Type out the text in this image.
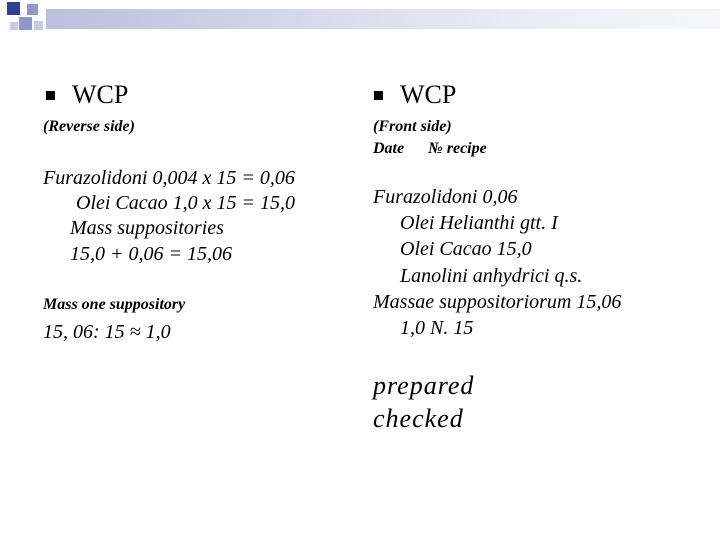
WCP
(Reverse side)
Furazolidoni 0,004 x 15 = 0,06
Olei Cacao 1,0 x 15 = 15,0
Mass suppositories
15,0 + 0,06 = 15,06
Mass one suppository
15, 06: 15 ≈ 1,0
WCP
(Front side)
Date      № recipe
Furazolidoni 0,06
Olei Helianthi gtt. I
Olei Cacao 15,0
Lanolini anhydrici q.s.
Massae suppositoriorum 15,06
1,0 N. 15
prepared
checked
